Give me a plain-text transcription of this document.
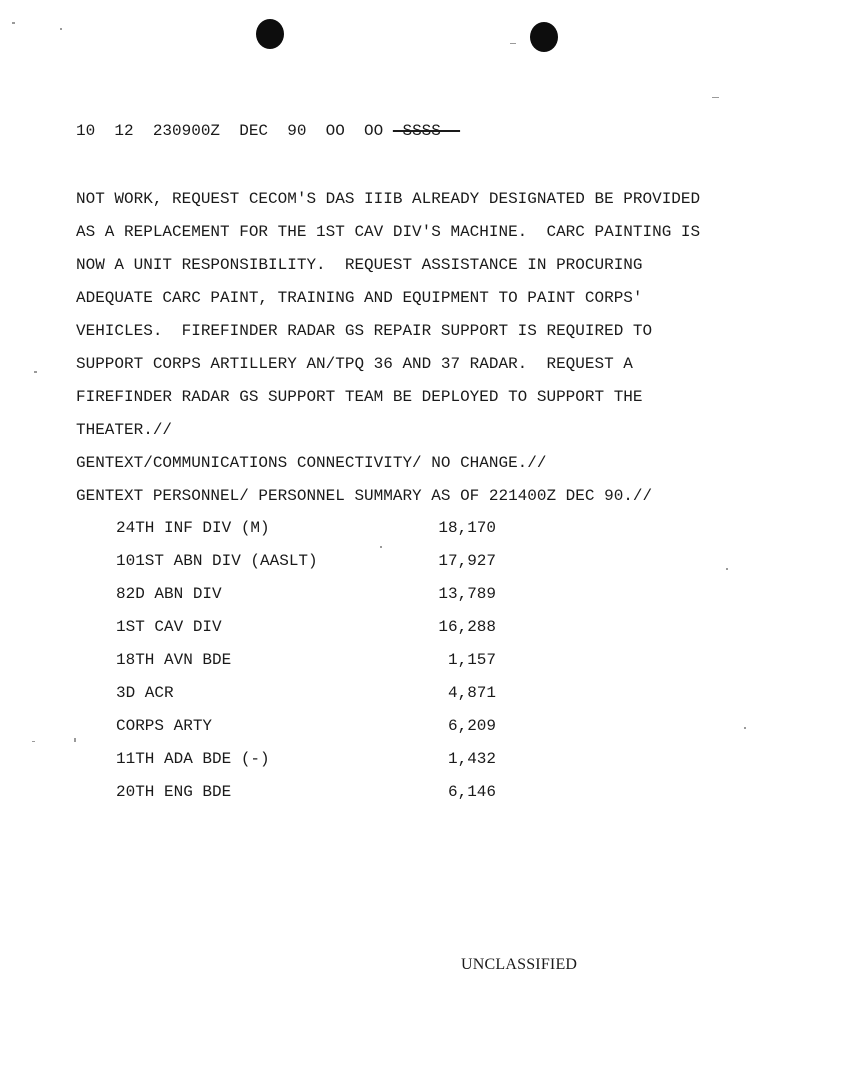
10  12  230900Z  DEC  90  OO  OO -SSSS--
NOT WORK, REQUEST CECOM'S DAS IIIB ALREADY DESIGNATED BE PROVIDED
AS A REPLACEMENT FOR THE 1ST CAV DIV'S MACHINE.  CARC PAINTING IS
NOW A UNIT RESPONSIBILITY.  REQUEST ASSISTANCE IN PROCURING
ADEQUATE CARC PAINT, TRAINING AND EQUIPMENT TO PAINT CORPS'
VEHICLES.  FIREFINDER RADAR GS REPAIR SUPPORT IS REQUIRED TO
SUPPORT CORPS ARTILLERY AN/TPQ 36 AND 37 RADAR.  REQUEST A
FIREFINDER RADAR GS SUPPORT TEAM BE DEPLOYED TO SUPPORT THE
THEATER.//
GENTEXT/COMMUNICATIONS CONNECTIVITY/ NO CHANGE.//
GENTEXT PERSONNEL/ PERSONNEL SUMMARY AS OF 221400Z DEC 90.//

24TH INF DIV (M)

	18,170

101ST ABN DIV (AASLT)

	17,927

82D ABN DIV

	13,789

1ST CAV DIV

	16,288

18TH AVN BDE

	1,157

3D ACR

	4,871

CORPS ARTY

	6,209

11TH ADA BDE (-)

	1,432

20TH ENG BDE

	6,146

UNCLASSIFIED
